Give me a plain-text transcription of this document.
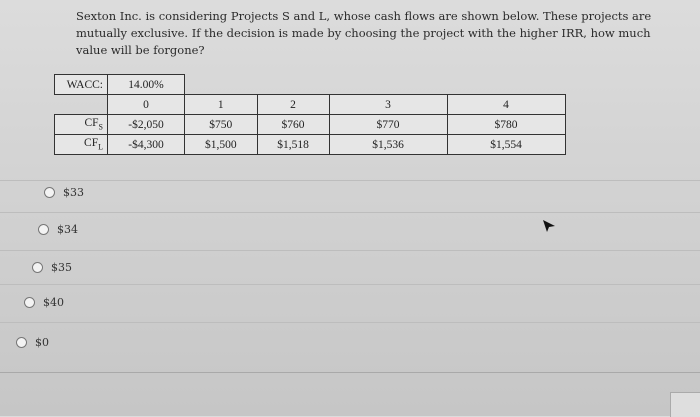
Sexton Inc. is considering Projects S and L, whose cash flows are shown below. These projects are mutually exclusive. If the decision is made by choosing the project with the higher IRR, how much value will be forgone?
WACC:	14.00%				
	0	1	2	3	4
$CF_S$	-$2,050	$750	$760	$770	$780
$CF_L$	-$4,300	$1,500	$1,518	$1,536	$1,554
$33
$34
$35
$40
$0
